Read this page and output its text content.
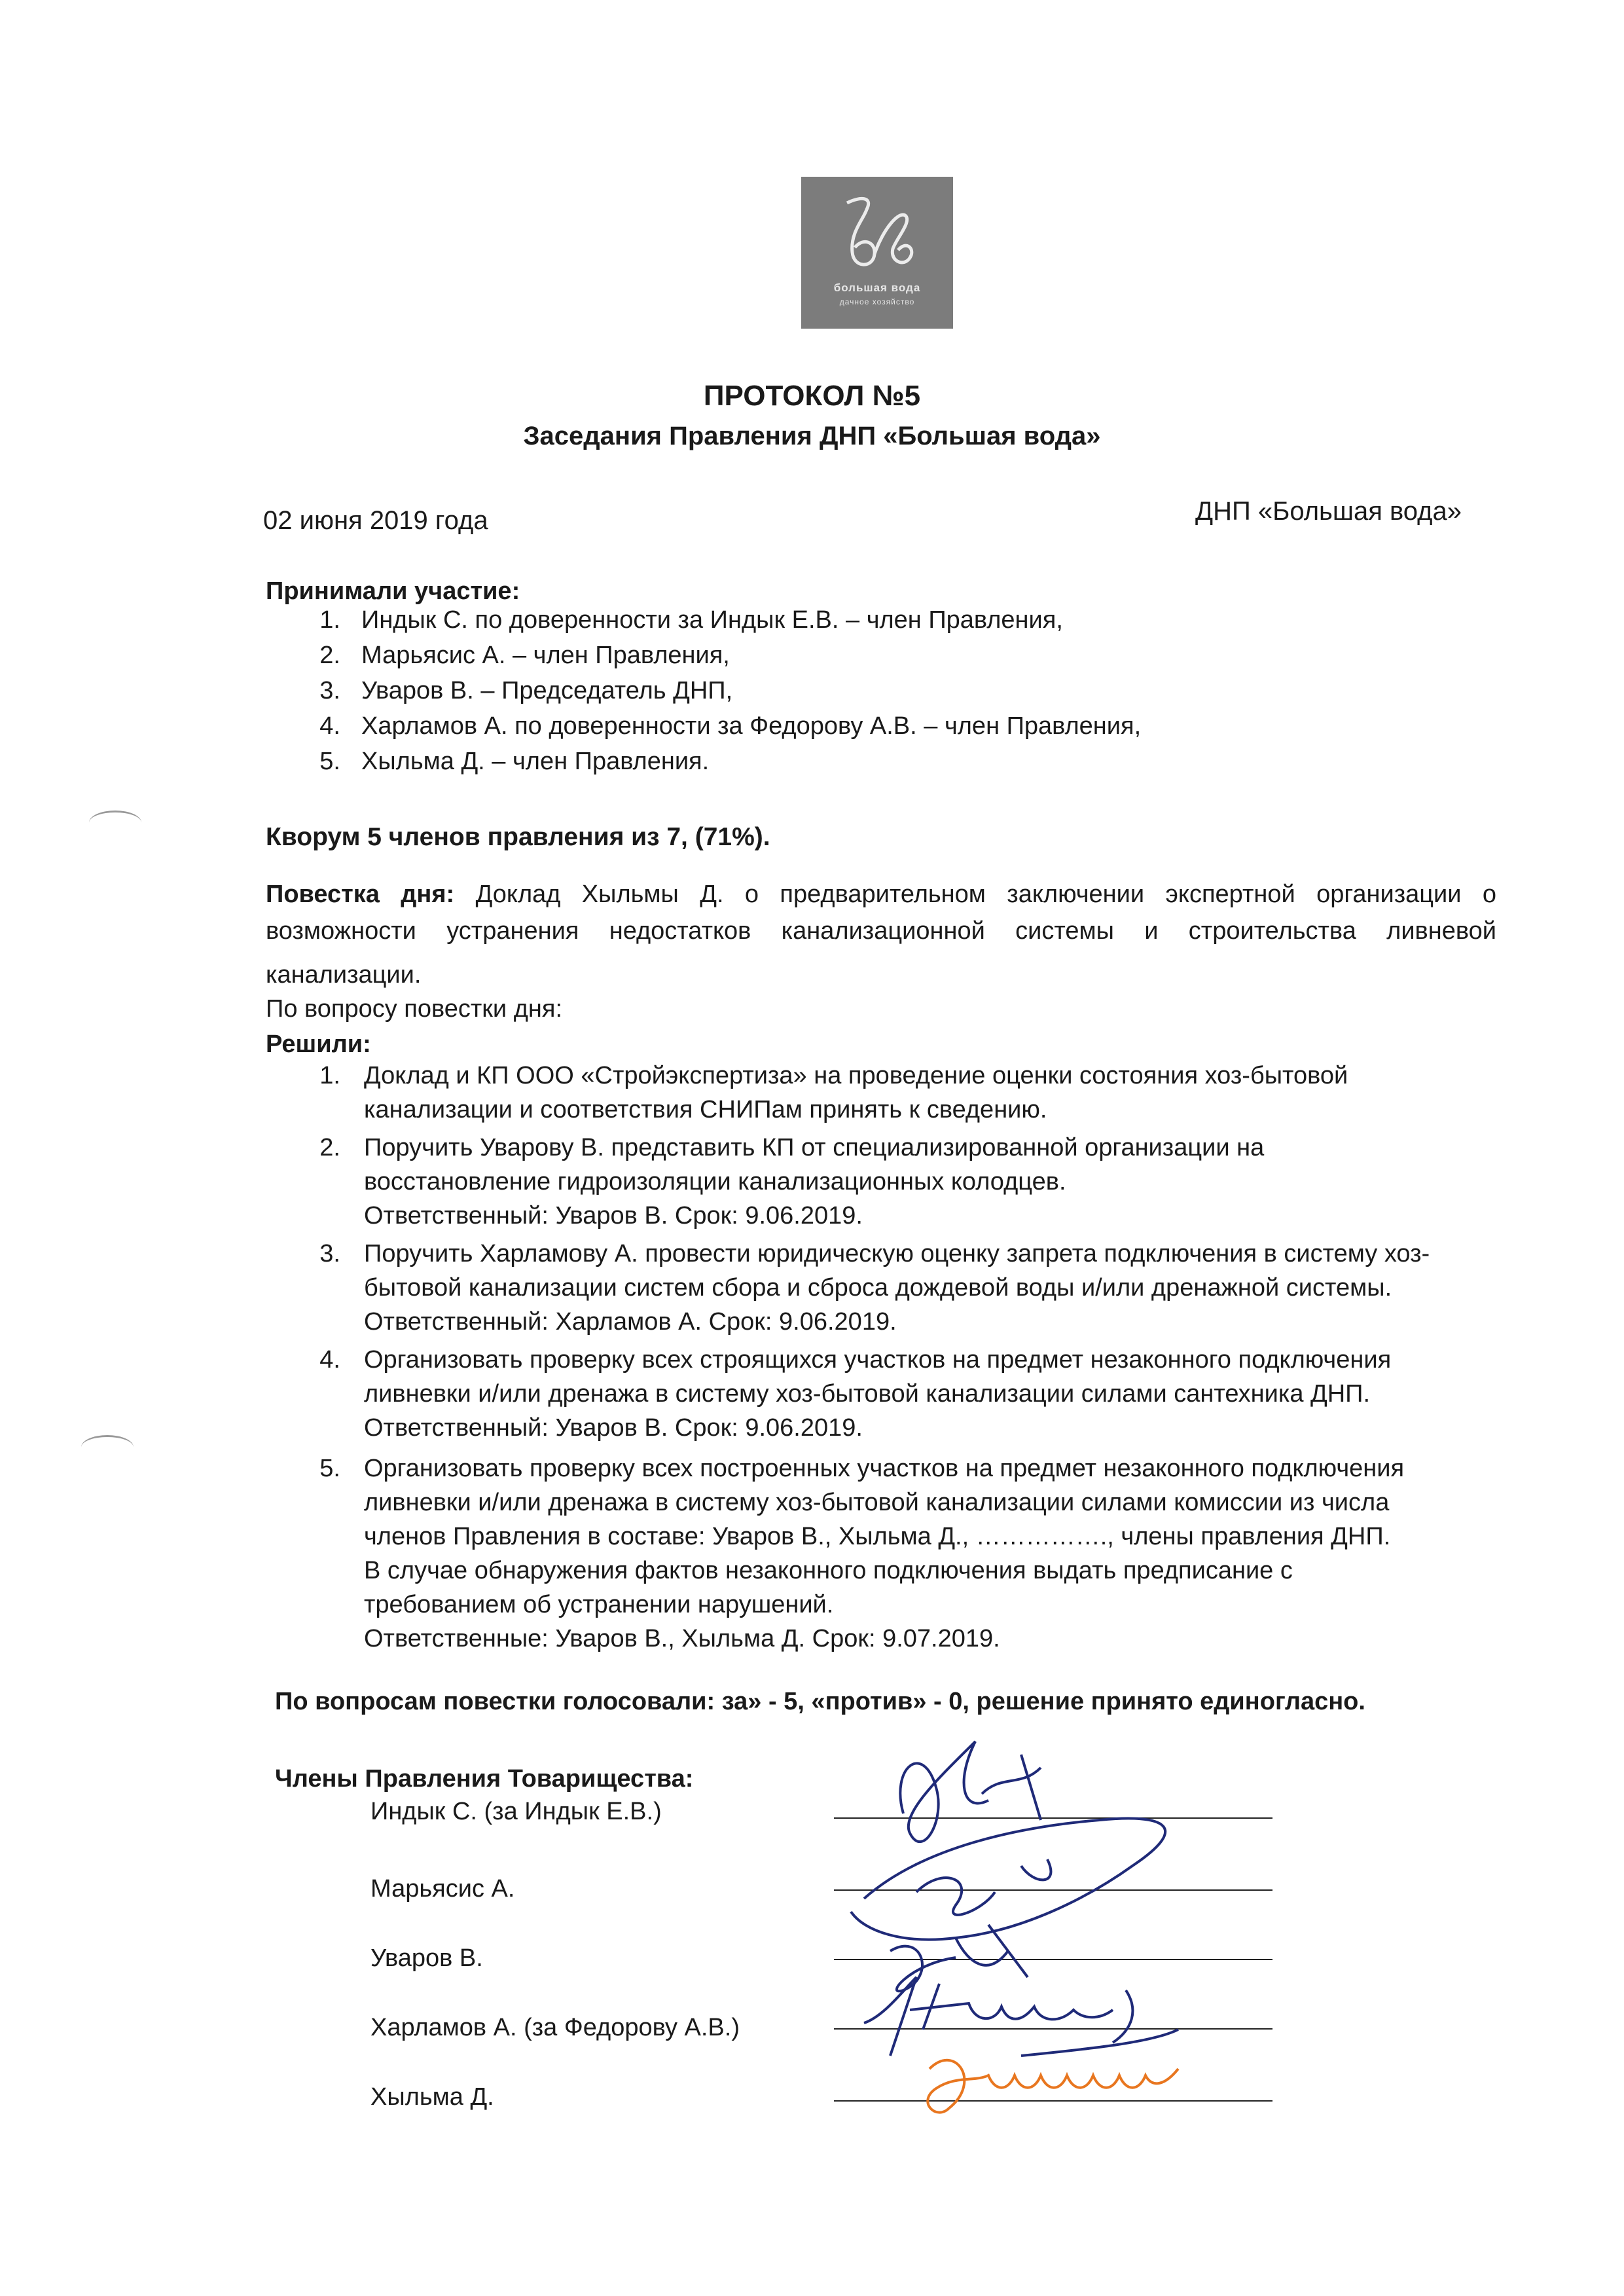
большая вода
дачное хозяйство
ПРОТОКОЛ №5
Заседания Правления ДНП «Большая вода»
02 июня 2019 года	ДНП «Большая вода»
Принимали участие:
1. Индык С. по доверенности за Индык Е.В. – член Правления,
2. Марьясис А. – член Правления,
3. Уваров В. – Председатель ДНП,
4. Харламов А. по доверенности за Федорову А.В. – член Правления,
5. Хыльма Д. – член Правления.
Кворум 5 членов правления из 7, (71%).
Повестка дня: Доклад Хыльмы Д. о предварительном заключении экспертной организации о
возможности устранения недостатков канализационной системы и строительства ливневой
канализации.
По вопросу повестки дня:
Решили:
1. Доклад и КП ООО «Стройэкспертиза» на проведение оценки состояния хоз-бытовой
канализации и соответствия СНИПам принять к сведению.
2. Поручить Уварову В. представить КП от специализированной организации на
восстановление гидроизоляции канализационных колодцев.
Ответственный: Уваров В. Срок: 9.06.2019.
3. Поручить Харламову А. провести юридическую оценку запрета подключения в систему хоз-
бытовой канализации систем сбора и сброса дождевой воды и/или дренажной системы.
Ответственный: Харламов А. Срок: 9.06.2019.
4. Организовать проверку всех строящихся участков на предмет незаконного подключения
ливневки и/или дренажа в систему хоз-бытовой канализации силами сантехника ДНП.
Ответственный: Уваров В. Срок: 9.06.2019.
5. Организовать проверку всех построенных участков на предмет незаконного подключения
ливневки и/или дренажа в систему хоз-бытовой канализации силами комиссии из числа
членов Правления в составе: Уваров В., Хыльма Д., ……………., члены правления ДНП.
В случае обнаружения фактов незаконного подключения выдать предписание с
требованием об устранении нарушений.
Ответственные: Уваров В., Хыльма Д. Срок: 9.07.2019.
По вопросам повестки голосовали: за» - 5, «против» - 0, решение принято единогласно.
Члены Правления Товарищества:
Индык С. (за Индык Е.В.)
Марьясис А.
Уваров В.
Харламов А. (за Федорову А.В.)
Хыльма Д.
